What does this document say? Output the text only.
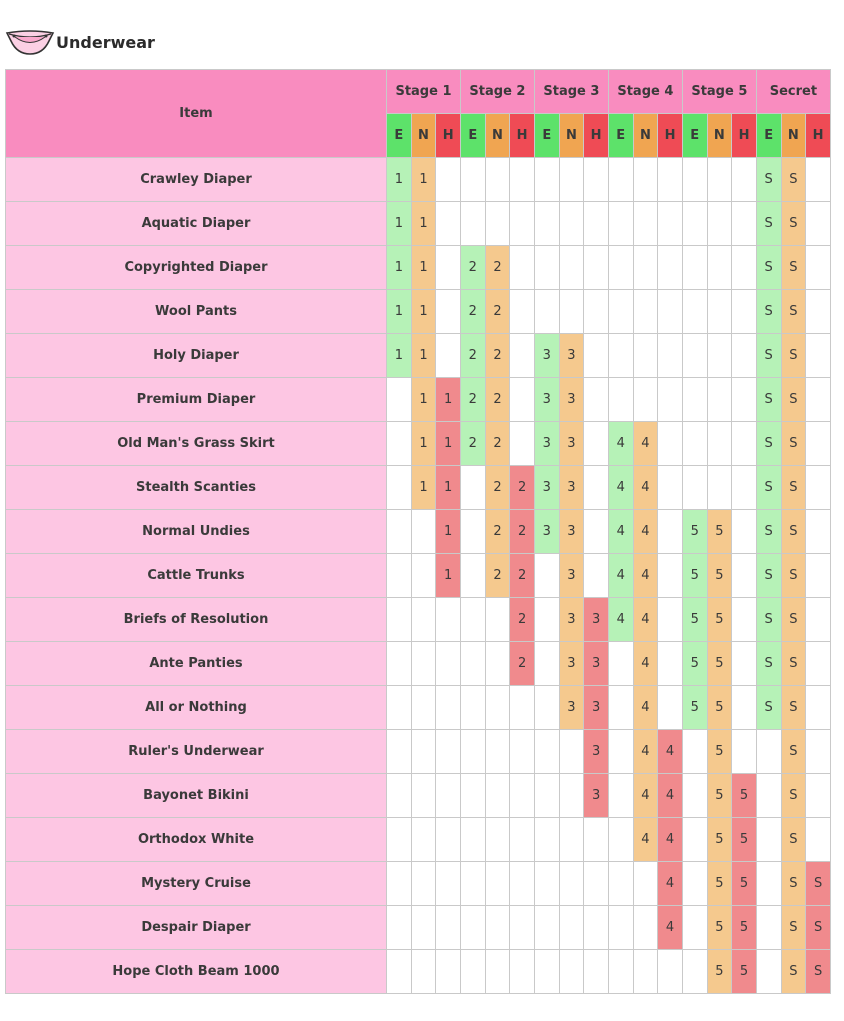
Underwear
Item	Stage 1			Stage 2			Stage 3			Stage 4			Stage 5			Secret		
	E	N	H	E	N	H	E	N	H	E	N	H	E	N	H	E	N	H
Crawley Diaper	1	1														S	S	
Aquatic Diaper	1	1														S	S	
Copyrighted Diaper	1	1		2	2											S	S	
Wool Pants	1	1		2	2											S	S	
Holy Diaper	1	1		2	2		3	3								S	S	
Premium Diaper		1	1	2	2		3	3								S	S	
Old Man's Grass Skirt		1	1	2	2		3	3		4	4					S	S	
Stealth Scanties		1	1		2	2	3	3		4	4					S	S	
Normal Undies			1		2	2	3	3		4	4		5	5		S	S	
Cattle Trunks			1		2	2		3		4	4		5	5		S	S	
Briefs of Resolution						2		3	3	4	4		5	5		S	S	
Ante Panties						2		3	3		4		5	5		S	S	
All or Nothing								3	3		4		5	5		S	S	
Ruler's Underwear									3		4	4		5			S	
Bayonet Bikini									3		4	4		5	5		S	
Orthodox White											4	4		5	5		S	
Mystery Cruise												4		5	5		S	S
Despair Diaper												4		5	5		S	S
Hope Cloth Beam 1000														5	5		S	S
